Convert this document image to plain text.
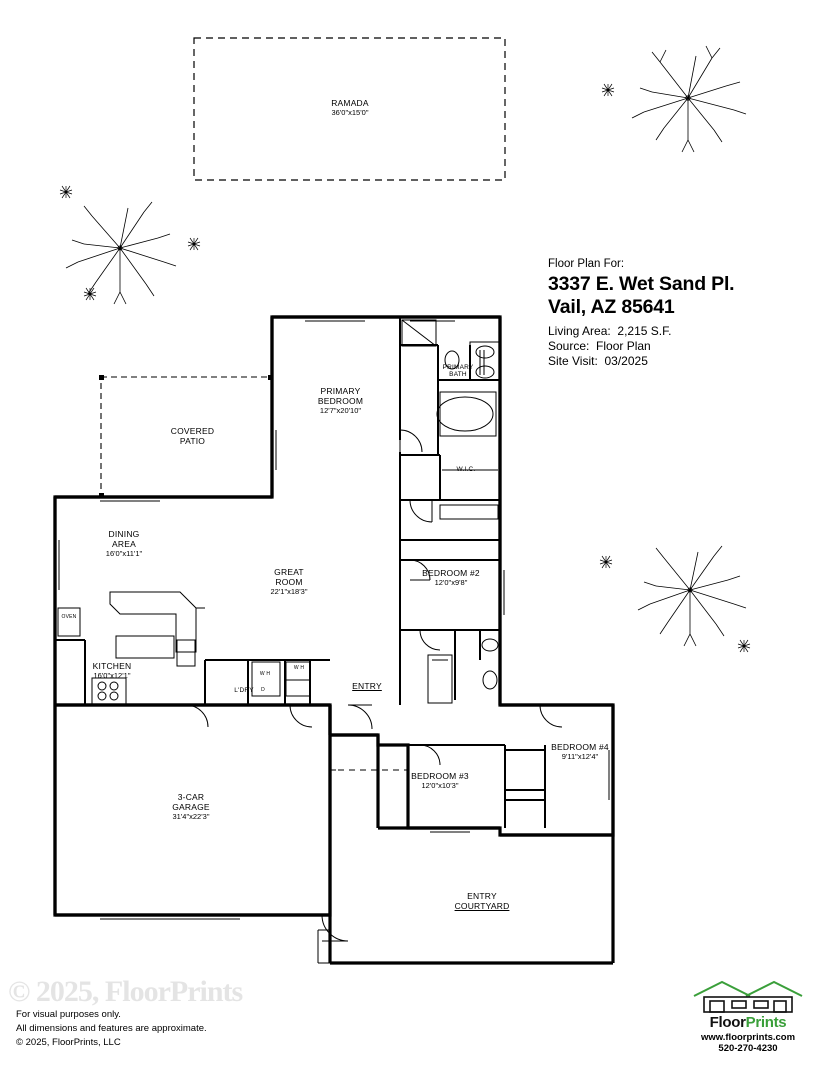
RAMADA
36'0"x15'0"
COVERED
PATIO
PRIMARY
BEDROOM
12'7"x20'10"
PRIMARY
BATH
W.I.C.
DINING
AREA
16'0"x11'1"
GREAT
ROOM
22'1"x18'3"
KITCHEN
16'0"x12'1"
OVEN
L'DRY
W H
W H
D	ENTRY
BEDROOM #2
12'0"x9'8"
BEDROOM #3
12'0"x10'3"
BEDROOM #4
9'11"x12'4"
3-CAR
GARAGE
31'4"x22'3"
ENTRY
COURTYARD
Floor Plan For:
3337 E. Wet Sand Pl.
Vail, AZ 85641
Living Area: 2,215 S.F.
Source: Floor Plan
Site Visit: 03/2025
© 2025, FloorPrints
For visual purposes only.
All dimensions and features are approximate.
© 2025, FloorPrints, LLC
FloorPrints
www.floorprints.com
520-270-4230
